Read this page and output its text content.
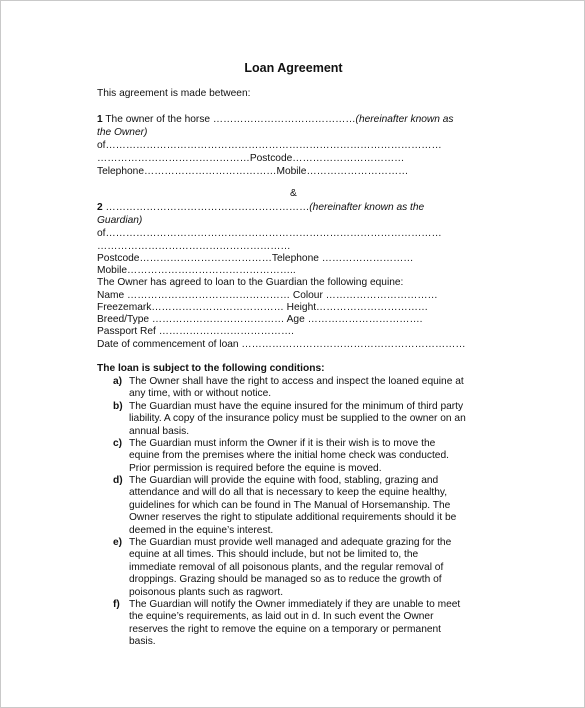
Loan Agreement
This agreement is made between:
1 The owner of the horse ……………………………………(hereinafter known as
the Owner)
of………………………………………………………………………………………
………………………………………Postcode……………………………
Telephone…………………………………Mobile…………………………
&
2 ……………………………………………………(hereinafter known as the
Guardian)
of………………………………………………………………………………………
…………………………………………………
Postcode…………………………………Telephone ………………………
Mobile…………………………………………..
The Owner has agreed to loan to the Guardian the following equine:
Name ………………………………………… Colour ……………………………
Freezemark………………………………… Height……………………………
Breed/Type ………………………………… Age …………………………….
Passport Ref ………………………………….
Date of commencement of loan …………………………………………………………
The loan is subject to the following conditions:
a) The Owner shall have the right to access and inspect the loaned equine at
any time, with or without notice.
b) The Guardian must have the equine insured for the minimum of third party
liability. A copy of the insurance policy must be supplied to the owner on an
annual basis.
c) The Guardian must inform the Owner if it is their wish is to move the
equine from the premises where the initial home check was conducted.
Prior permission is required before the equine is moved.
d) The Guardian will provide the equine with food, stabling, grazing and
attendance and will do all that is necessary to keep the equine healthy,
guidelines for which can be found in The Manual of Horsemanship. The
Owner reserves the right to stipulate additional requirements should it be
deemed in the equine’s interest.
e) The Guardian must provide well managed and adequate grazing for the
equine at all times. This should include, but not be limited to, the
immediate removal of all poisonous plants, and the regular removal of
droppings. Grazing should be managed so as to reduce the growth of
poisonous plants such as ragwort.
f) The Guardian will notify the Owner immediately if they are unable to meet
the equine’s requirements, as laid out in d. In such event the Owner
reserves the right to remove the equine on a temporary or permanent
basis.
